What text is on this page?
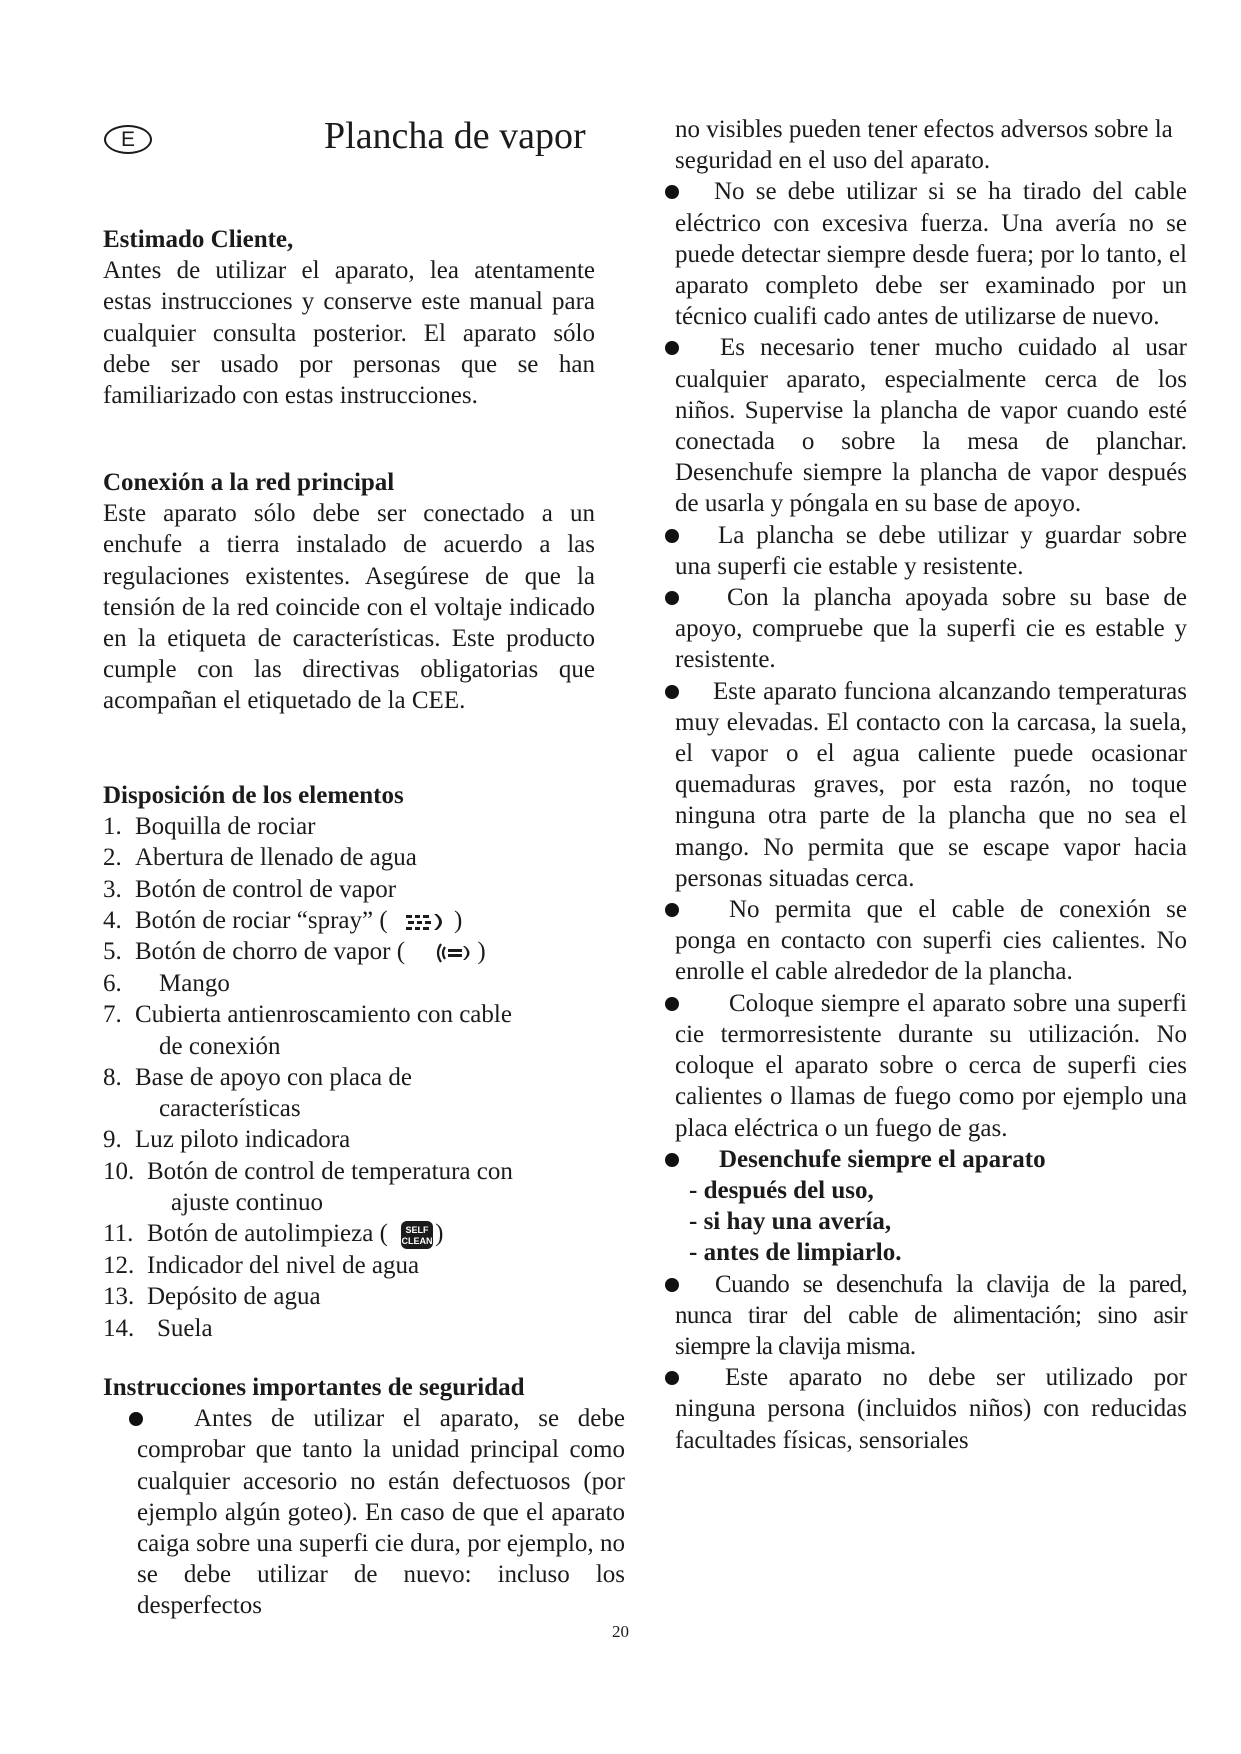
E	Plancha de vapor

Estimado Cliente,

Antes de utilizar el aparato, lea atentamente estas instrucciones y conserve este manual para cualquier consulta posterior. El aparato sólo debe ser usado por personas que se han familiarizado con estas instrucciones.

Conexión a la red principal

Este aparato sólo debe ser conectado a un enchufe a tierra instalado de acuerdo a las regulaciones existentes. Asegúrese de que la tensión de la red coincide con el voltaje indicado en la etiqueta de características. Este producto cumple con las directivas obligatorias que acompañan el etiquetado de la CEE.

Disposición de los elementos

1. Boquilla de rociar
2. Abertura de llenado de agua
3. Botón de control de vapor
4. Botón de rociar “spray” (	)
5. Botón de chorro de vapor (	)
6.	Mango
7. Cubierta antienroscamiento con cable
de conexión
8. Base de apoyo con placa de
características
9. Luz piloto indicadora
10. Botón de control de temperatura con
ajuste continuo
11. Botón de autolimpieza ( SELF
CLEAN )
12. Indicador del nivel de agua
13. Depósito de agua
14. Suela

Instrucciones importantes de seguridad

Antes de utilizar el aparato, se debe comprobar que tanto la unidad principal como cualquier accesorio no están defectuosos (por ejemplo algún goteo). En caso de que el aparato caiga sobre una superfi cie dura, por ejemplo, no se debe utilizar de nuevo: incluso los desperfectos

no visibles pueden tener efectos adversos sobre la seguridad en el uso del aparato.

No se debe utilizar si se ha tirado del cable eléctrico con excesiva fuerza. Una avería no se puede detectar siempre desde fuera; por lo tanto, el aparato completo debe ser examinado por un técnico cualifi cado antes de utilizarse de nuevo.

Es necesario tener mucho cuidado al usar cualquier aparato, especialmente cerca de los niños. Supervise la plancha de vapor cuando esté conectada o sobre la mesa de planchar. Desenchufe siempre la plancha de vapor después de usarla y póngala en su base de apoyo.

La plancha se debe utilizar y guardar sobre una superfi cie estable y resistente.

Con la plancha apoyada sobre su base de apoyo, compruebe que la superfi cie es estable y resistente.

Este aparato funciona alcanzando temperaturas muy elevadas. El contacto con la carcasa, la suela, el vapor o el agua caliente puede ocasionar quemaduras graves, por esta razón, no toque ninguna otra parte de la plancha que no sea el mango. No permita que se escape vapor hacia personas situadas cerca.

No permita que el cable de conexión se ponga en contacto con superfi cies calientes. No enrolle el cable alrededor de la plancha.

Coloque siempre el aparato sobre una superfi cie termorresistente durante su utilización. No coloque el aparato sobre o cerca de superfi cies calientes o llamas de fuego como por ejemplo una placa eléctrica o un fuego de gas.

Desenchufe siempre el aparato

- después del uso,
- si hay una avería,
- antes de limpiarlo.

Cuando se desenchufa la clavija de la pared, nunca tirar del cable de alimentación; sino asir siempre la clavija misma.

Este aparato no debe ser utilizado por ninguna persona (incluidos niños) con reducidas facultades físicas, sensoriales

20
